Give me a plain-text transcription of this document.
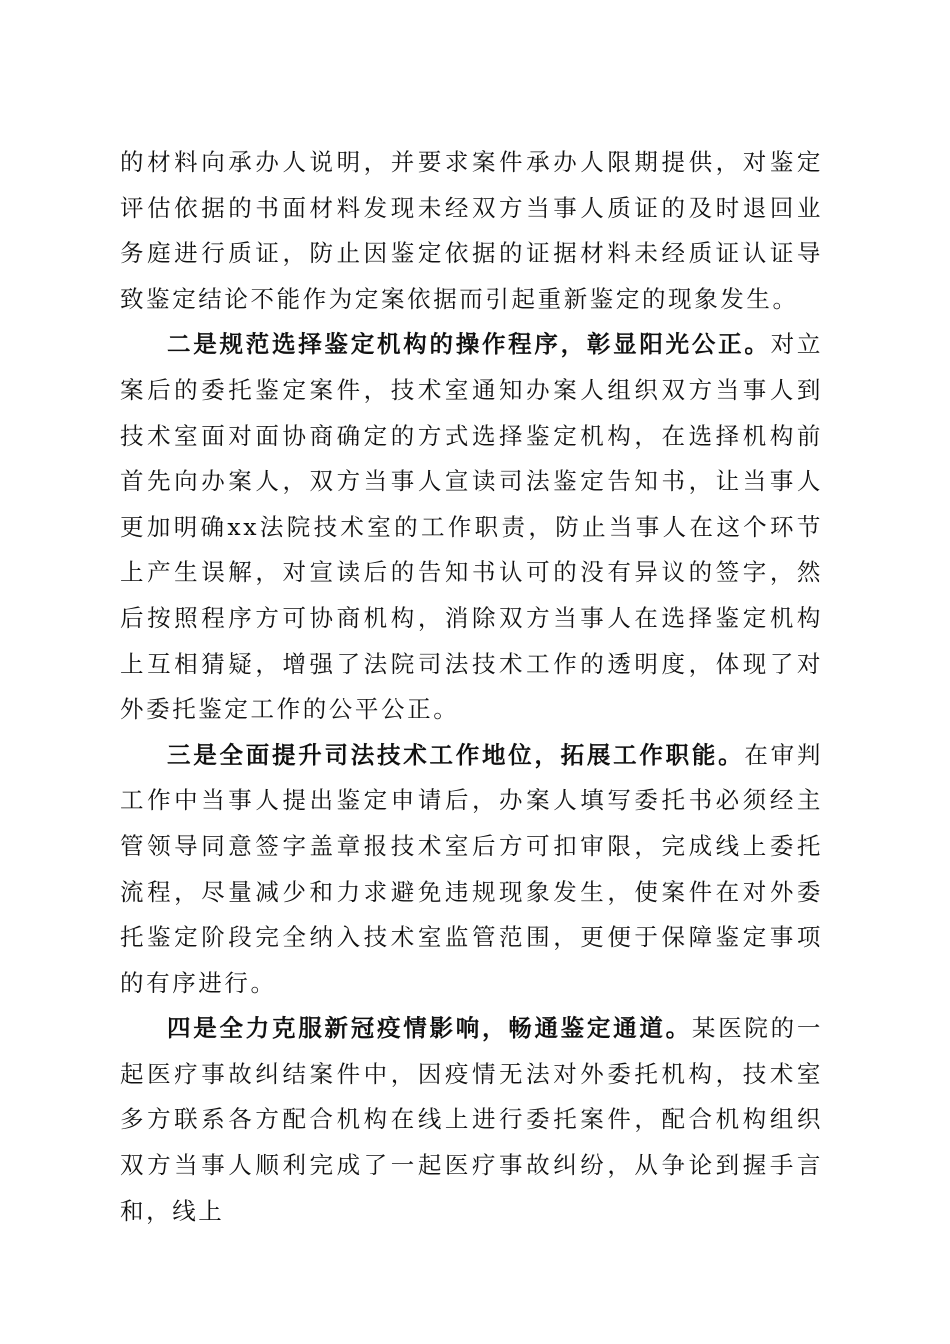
的材料向承办人说明，并要求案件承办人限期提供，对鉴定评估依据的书面材料发现未经双方当事人质证的及时退回业务庭进行质证，防止因鉴定依据的证据材料未经质证认证导致鉴定结论不能作为定案依据而引起重新鉴定的现象发生。

二是规范选择鉴定机构的操作程序，彰显阳光公正。对立案后的委托鉴定案件，技术室通知办案人组织双方当事人到技术室面对面协商确定的方式选择鉴定机构，在选择机构前首先向办案人，双方当事人宣读司法鉴定告知书，让当事人更加明确xx法院技术室的工作职责，防止当事人在这个环节上产生误解，对宣读后的告知书认可的没有异议的签字，然后按照程序方可协商机构，消除双方当事人在选择鉴定机构上互相猜疑，增强了法院司法技术工作的透明度，体现了对外委托鉴定工作的公平公正。

三是全面提升司法技术工作地位，拓展工作职能。在审判工作中当事人提出鉴定申请后，办案人填写委托书必须经主管领导同意签字盖章报技术室后方可扣审限，完成线上委托流程，尽量减少和力求避免违规现象发生，使案件在对外委托鉴定阶段完全纳入技术室监管范围，更便于保障鉴定事项的有序进行。

四是全力克服新冠疫情影响，畅通鉴定通道。某医院的一起医疗事故纠结案件中，因疫情无法对外委托机构，技术室多方联系各方配合机构在线上进行委托案件，配合机构组织双方当事人顺利完成了一起医疗事故纠纷，从争论到握手言和，线上
